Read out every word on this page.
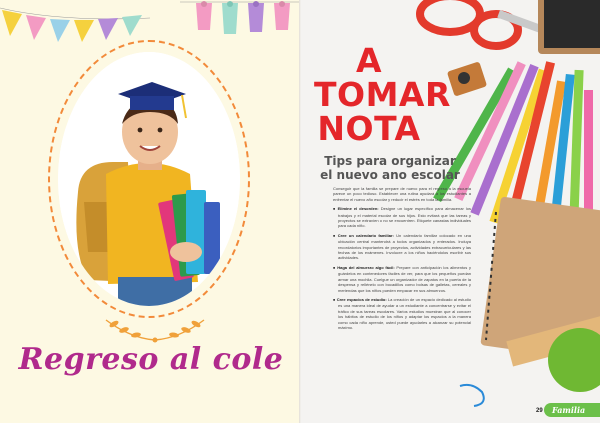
Regreso al cole
A TOMAR
NOTA
Tips para organizar
el nuevo ano escolar

Conseguir que la familia se prepare de nuevo para el regreso a la escuela parece un poco tedioso. Establecer una rutina ayudará a los estudiantes a enfrentar el nuevo año escolar y reducir el estrés en toda la familia.

■ Elimine el desorden: Designe un lugar específico para almacenar los trabajos y el material escolar de sus hijos. Esto evitará que las tareas y proyectos se extravíen o no se encuentren. Etiquete canastas individuales para cada niño.

■ Cree un calendario familiar: Un calendario familiar colocado en una ubicación central mantendrá a todos organizados y enterados. Incluya recordatorios importantes de proyectos, actividades extracurriculares y las fechas de los exámenes. Involucre a los niños haciéndolos escribir sus actividades.

■ Haga del almuerzo algo fácil: Prepare con anticipación los alimentos y guárdelos en contenedores fáciles de ver, para que los pequeños puedan armar una mochila. Cuelgue un organizador de zapatos en la puerta de la despensa y rellénelo con bocadillos como bolsas de galletas, cereales y meriendas que los niños pueden empacar en sus almuerzos.

■ Cree espacios de estudio: La creación de un espacio dedicado al estudio es una manera ideal de ayudar a un estudiante a concentrarse y evitar el tráfico de sus tareas escolares. Varios estudios muestran que al conocer los hábitos de estudio de los niños y adaptar los espacios a la manera como cada niño aprende, usted puede ayudarles a alcanzar su potencial máximo.

29 Familia
